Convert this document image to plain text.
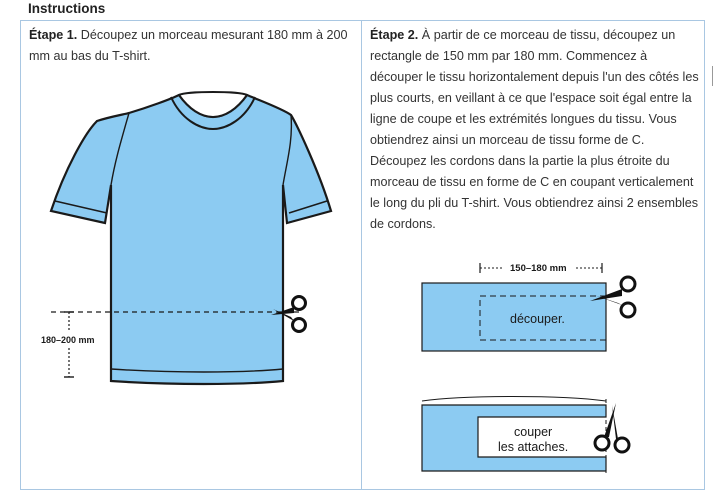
Instructions
Étape 1. Découpez un morceau mesurant 180 mm à 200 mm au bas du T-shirt.
180–200 mm
Étape 2. À partir de ce morceau de tissu, découpez un rectangle de 150 mm par 180 mm. Commencez à découper le tissu horizontalement depuis l'un des côtés les plus courts, en veillant à ce que l'espace soit égal entre la ligne de coupe et les extrémités longues du tissu. Vous obtiendrez ainsi un morceau de tissu forme de C. Découpez les cordons dans la partie la plus étroite du morceau de tissu en forme de C en coupant verticalement le long du pli du T-shirt. Vous obtiendrez ainsi 2 ensembles de cordons.
150–180 mm
découper.
couper
les attaches.
